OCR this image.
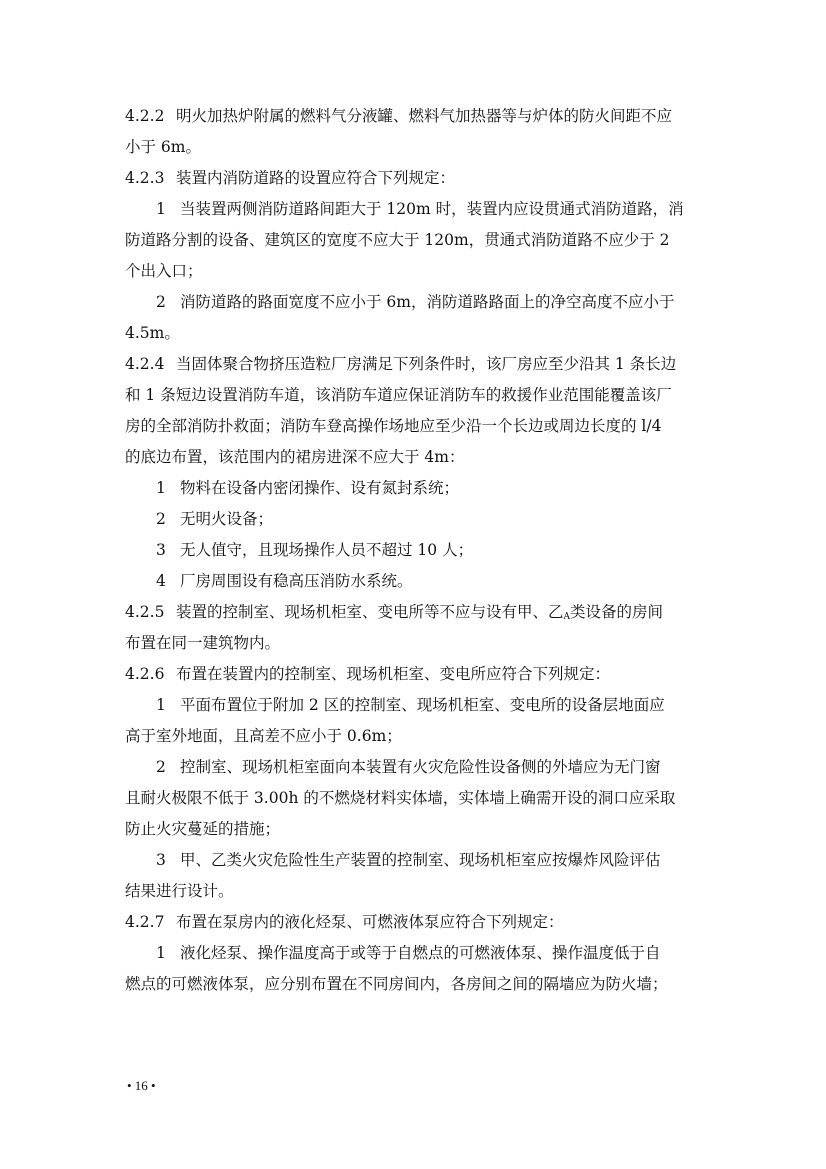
4.2.2 明火加热炉附属的燃料气分液罐、燃料气加热器等与炉体的防火间距不应
小于 6m。
4.2.3 装置内消防道路的设置应符合下列规定：
1 当装置两侧消防道路间距大于 120m 时，装置内应设贯通式消防道路，消
防道路分割的设备、建筑区的宽度不应大于 120m，贯通式消防道路不应少于 2
个出入口；
2 消防道路的路面宽度不应小于 6m，消防道路路面上的净空高度不应小于
4.5m。
4.2.4 当固体聚合物挤压造粒厂房满足下列条件时，该厂房应至少沿其 1 条长边
和 1 条短边设置消防车道，该消防车道应保证消防车的救援作业范围能覆盖该厂
房的全部消防扑救面；消防车登高操作场地应至少沿一个长边或周边长度的 l/4
的底边布置，该范围内的裙房进深不应大于 4m：
1 物料在设备内密闭操作、设有氮封系统；
2 无明火设备；
3 无人值守，且现场操作人员不超过 10 人；
4 厂房周围设有稳高压消防水系统。
4.2.5 装置的控制室、现场机柜室、变电所等不应与设有甲、乙$_A$类设备的房间
布置在同一建筑物内。
4.2.6 布置在装置内的控制室、现场机柜室、变电所应符合下列规定：
1 平面布置位于附加 2 区的控制室、现场机柜室、变电所的设备层地面应
高于室外地面，且高差不应小于 0.6m；
2 控制室、现场机柜室面向本装置有火灾危险性设备侧的外墙应为无门窗
且耐火极限不低于 3.00h 的不燃烧材料实体墙，实体墙上确需开设的洞口应采取
防止火灾蔓延的措施；
3 甲、乙类火灾危险性生产装置的控制室、现场机柜室应按爆炸风险评估
结果进行设计。
4.2.7 布置在泵房内的液化烃泵、可燃液体泵应符合下列规定：
1 液化烃泵、操作温度高于或等于自燃点的可燃液体泵、操作温度低于自
燃点的可燃液体泵，应分别布置在不同房间内，各房间之间的隔墙应为防火墙；
• 16 •
